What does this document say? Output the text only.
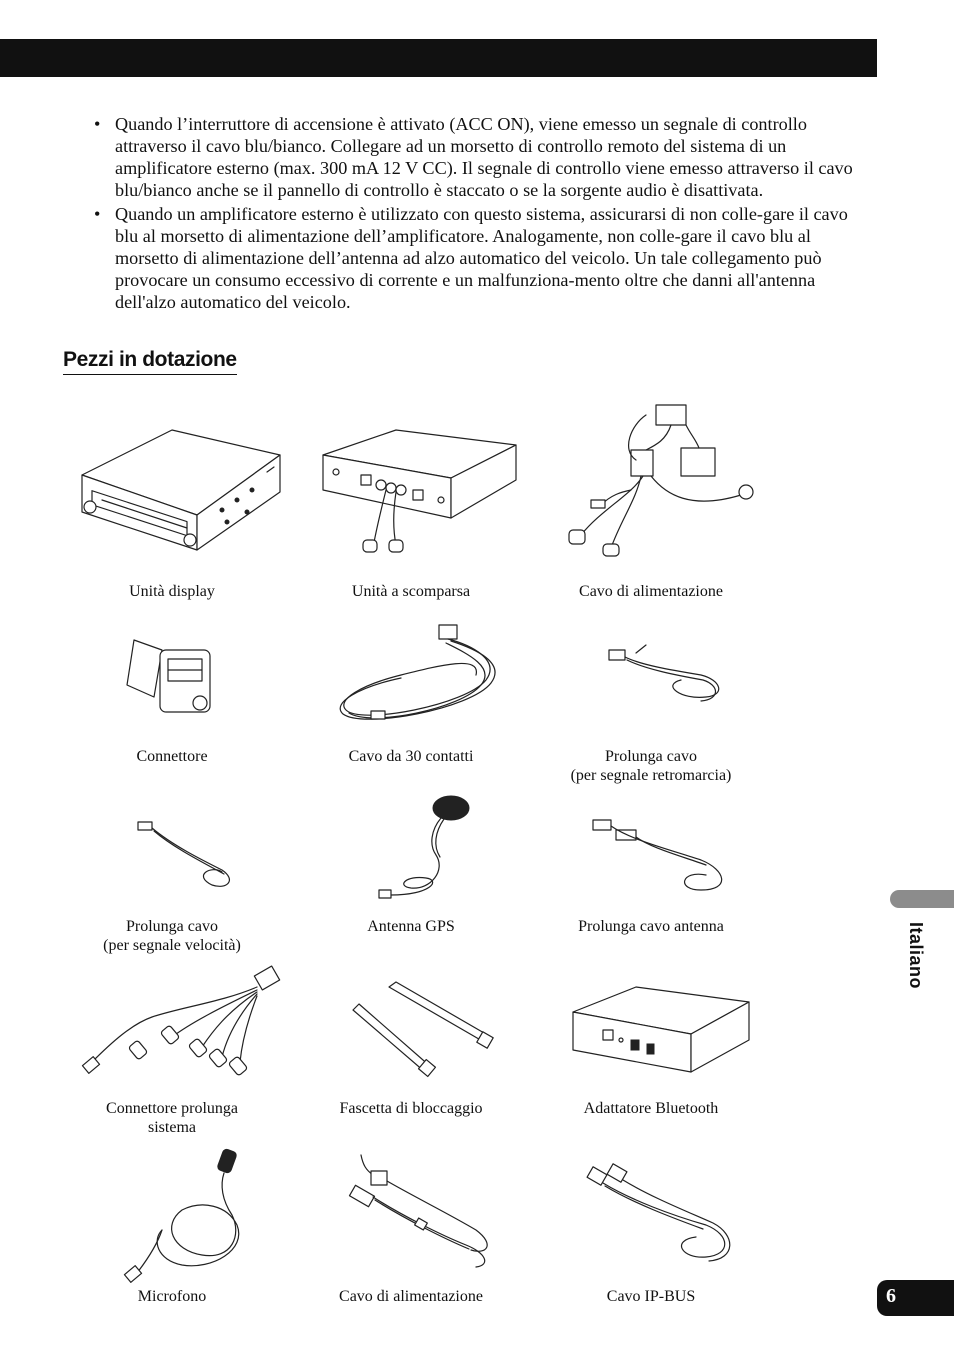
• Quando l’interruttore di accensione è attivato (ACC ON), viene emesso un segnale di controllo attraverso il cavo blu/bianco. Collegare ad un morsetto di controllo remoto del sistema di un amplificatore esterno (max. 300 mA 12 V CC). Il segnale di controllo viene emesso attraverso il cavo blu/bianco anche se il pannello di controllo è staccato o se la sorgente audio è disattivata.
• Quando un amplificatore esterno è utilizzato con questo sistema, assicurarsi di non colle-gare il cavo blu al morsetto di alimentazione dell’amplificatore. Analogamente, non colle-gare il cavo blu al morsetto di alimentazione dell’antenna ad alzo automatico del veicolo. Un tale collegamento può provocare un consumo eccessivo di corrente e un malfunziona-mento oltre che danni all'antenna dell'alzo automatico del veicolo.
Pezzi in dotazione
Unità display	Unità a scomparsa	Cavo di alimentazione
Connettore	Cavo da 30 contatti	Prolunga cavo
(per segnale retromarcia)
Prolunga cavo
(per segnale velocità)
Antenna GPS	Prolunga cavo antenna
Connettore prolunga
sistema
Fascetta di bloccaggio	Adattatore Bluetooth
Microfono	Cavo di alimentazione	Cavo IP-BUS
Italiano
6
